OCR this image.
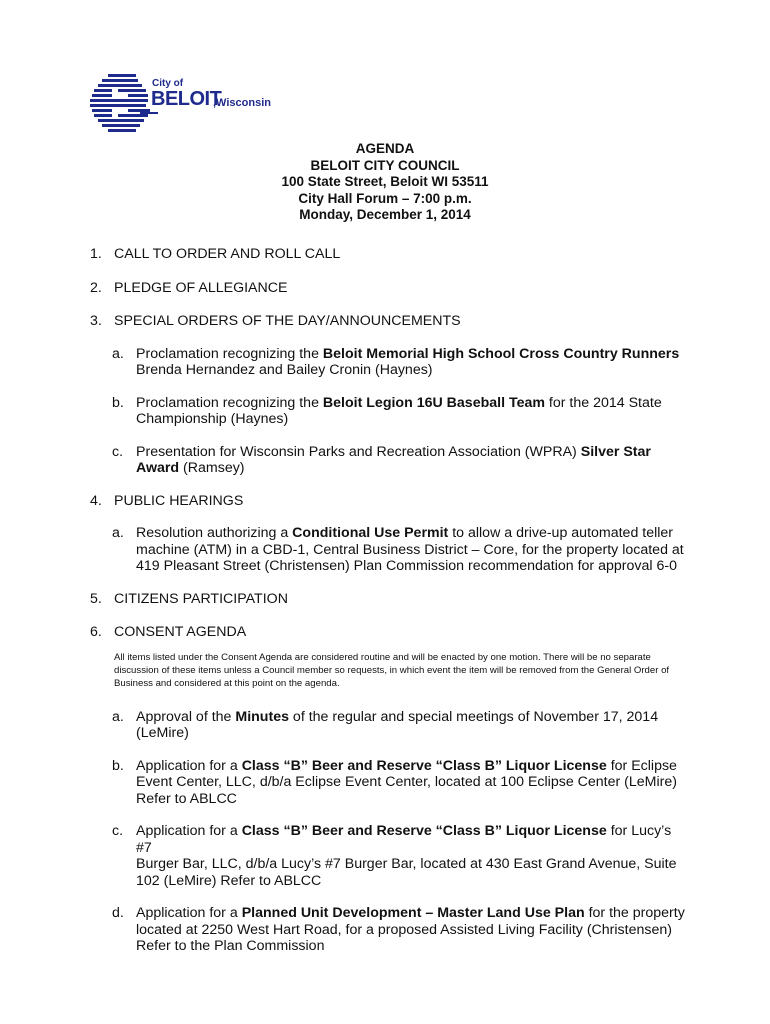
City of
BELOIT
,Wisconsin
AGENDA
BELOIT CITY COUNCIL
100 State Street, Beloit WI 53511
City Hall Forum – 7:00 p.m.
Monday, December 1, 2014
1. CALL TO ORDER AND ROLL CALL
2. PLEDGE OF ALLEGIANCE
3. SPECIAL ORDERS OF THE DAY/ANNOUNCEMENTS
a. Proclamation recognizing the Beloit Memorial High School Cross Country Runners
Brenda Hernandez and Bailey Cronin (Haynes)
b. Proclamation recognizing the Beloit Legion 16U Baseball Team for the 2014 State
Championship (Haynes)
c. Presentation for Wisconsin Parks and Recreation Association (WPRA) Silver Star
Award (Ramsey)
4. PUBLIC HEARINGS
a. Resolution authorizing a Conditional Use Permit to allow a drive-up automated teller
machine (ATM) in a CBD-1, Central Business District – Core, for the property located at
419 Pleasant Street (Christensen) Plan Commission recommendation for approval 6-0
5. CITIZENS PARTICIPATION
6. CONSENT AGENDA
All items listed under the Consent Agenda are considered routine and will be enacted by one motion. There will be no separate discussion of these items unless a Council member so requests, in which event the item will be removed from the General Order of Business and considered at this point on the agenda.
a. Approval of the Minutes of the regular and special meetings of November 17, 2014
(LeMire)
b. Application for a Class “B” Beer and Reserve “Class B” Liquor License for Eclipse
Event Center, LLC, d/b/a Eclipse Event Center, located at 100 Eclipse Center (LeMire)
Refer to ABLCC
c. Application for a Class “B” Beer and Reserve “Class B” Liquor License for Lucy’s #7
Burger Bar, LLC, d/b/a Lucy’s #7 Burger Bar, located at 430 East Grand Avenue, Suite
102 (LeMire) Refer to ABLCC
d. Application for a Planned Unit Development – Master Land Use Plan for the property
located at 2250 West Hart Road, for a proposed Assisted Living Facility (Christensen)
Refer to the Plan Commission
